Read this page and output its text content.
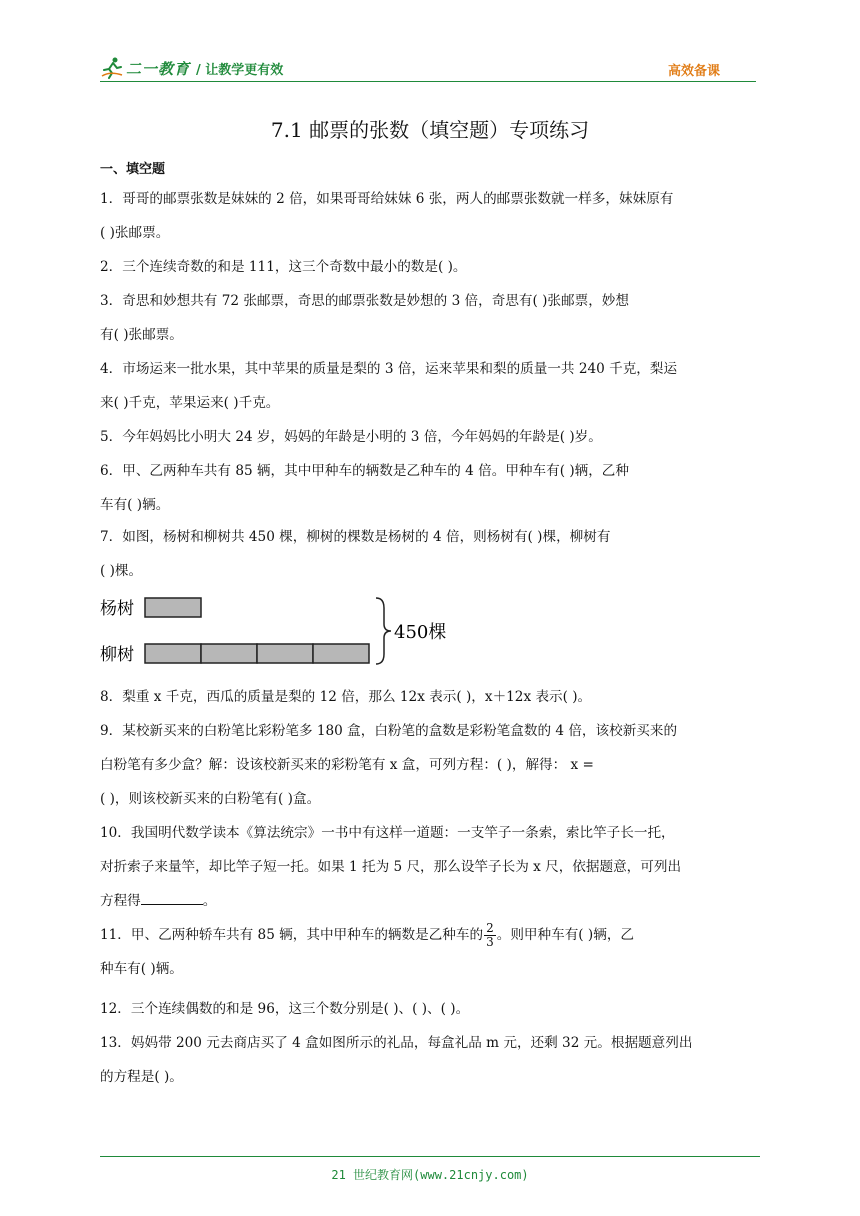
二一教育 / 让教学更有效	高效备课
7.1 邮票的张数（填空题）专项练习
一、填空题
1．哥哥的邮票张数是妹妹的 2 倍，如果哥哥给妹妹 6 张，两人的邮票张数就一样多，妹妹原有
( )张邮票。
2．三个连续奇数的和是 111，这三个奇数中最小的数是( )。
3．奇思和妙想共有 72 张邮票，奇思的邮票张数是妙想的 3 倍，奇思有( )张邮票，妙想
有( )张邮票。
4．市场运来一批水果，其中苹果的质量是梨的 3 倍，运来苹果和梨的质量一共 240 千克，梨运
来( )千克，苹果运来( )千克。
5．今年妈妈比小明大 24 岁，妈妈的年龄是小明的 3 倍，今年妈妈的年龄是( )岁。
6．甲、乙两种车共有 85 辆，其中甲种车的辆数是乙种车的 4 倍。甲种车有( )辆，乙种
车有( )辆。
7．如图，杨树和柳树共 450 棵，柳树的棵数是杨树的 4 倍，则杨树有( )棵，柳树有
( )棵。
杨树
柳树
450棵
8．梨重 x 千克，西瓜的质量是梨的 12 倍，那么 12x 表示( )，x＋12x 表示( )。
9．某校新买来的白粉笔比彩粉笔多 180 盒，白粉笔的盒数是彩粉笔盒数的 4 倍，该校新买来的
白粉笔有多少盒？解：设该校新买来的彩粉笔有 x 盒，可列方程：( )，解得： x =
( )，则该校新买来的白粉笔有( )盒。
10．我国明代数学读本《算法统宗》一书中有这样一道题：一支竿子一条索，索比竿子长一托，
对折索子来量竿，却比竿子短一托。如果 1 托为 5 尺，那么设竿子长为 x 尺，依据题意，可列出
方程得	。
11．甲、乙两种轿车共有 85 辆，其中甲种车的辆数是乙种车的 $\frac{2}{3}$ 。则甲种车有( )辆，乙
种车有( )辆。
12．三个连续偶数的和是 96，这三个数分别是( )、( )、( )。
13．妈妈带 200 元去商店买了 4 盒如图所示的礼品，每盒礼品 m 元，还剩 32 元。根据题意列出
的方程是( )。
21 世纪教育网(www.21cnjy.com)
